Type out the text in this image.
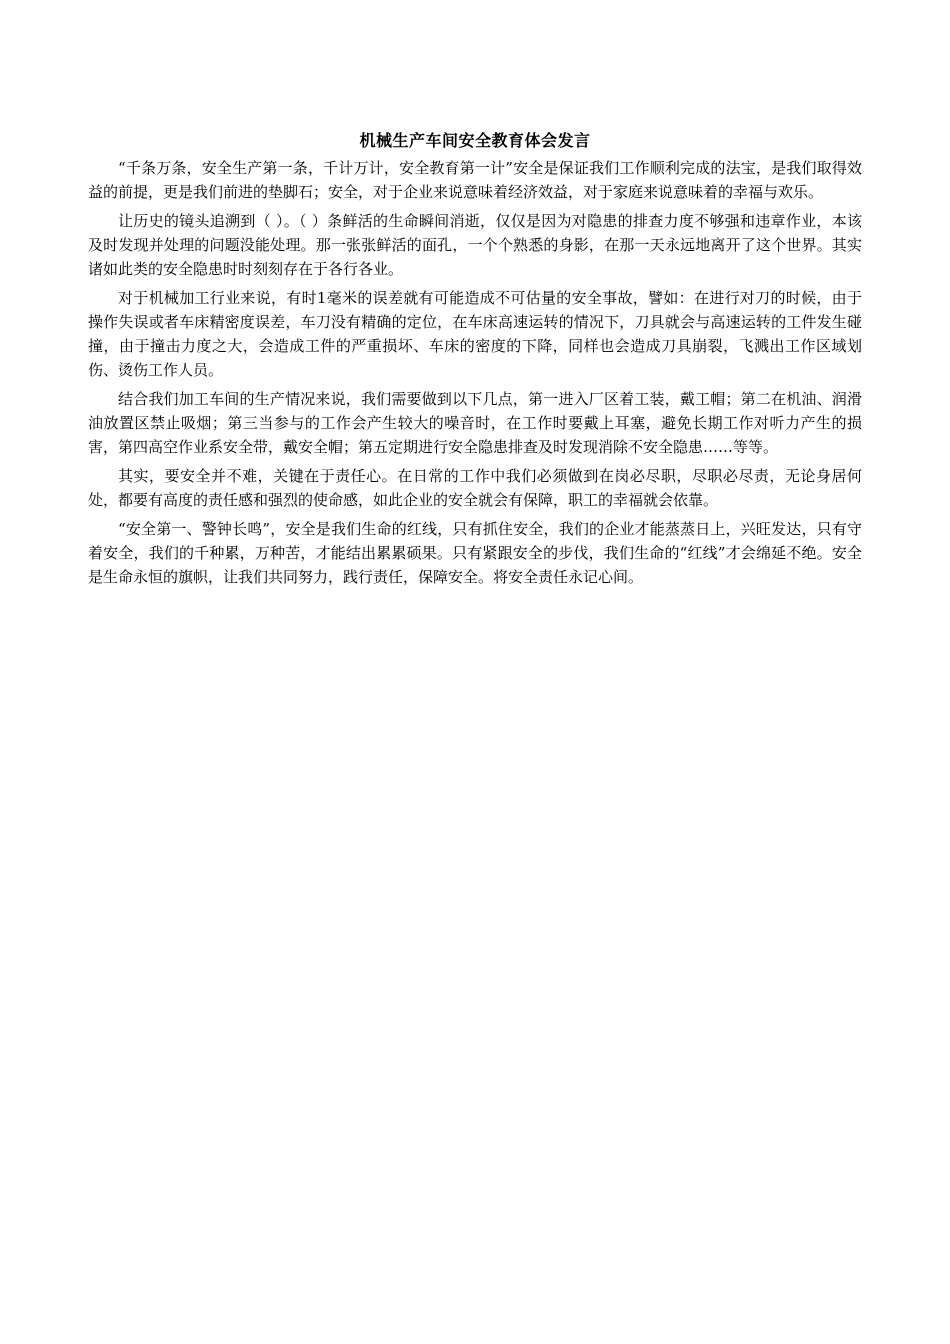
机械生产车间安全教育体会发言

“千条万条，安全生产第一条，千计万计，安全教育第一计”安全是保证我们工作顺利完成的法宝，是我们取得效益的前提，更是我们前进的垫脚石；安全，对于企业来说意味着经济效益，对于家庭来说意味着的幸福与欢乐。

让历史的镜头追溯到（ ）。（ ）条鲜活的生命瞬间消逝，仅仅是因为对隐患的排查力度不够强和违章作业，本该及时发现并处理的问题没能处理。那一张张鲜活的面孔，一个个熟悉的身影，在那一天永远地离开了这个世界。其实诸如此类的安全隐患时时刻刻存在于各行各业。

对于机械加工行业来说，有时1毫米的误差就有可能造成不可估量的安全事故，譬如：在进行对刀的时候，由于操作失误或者车床精密度误差，车刀没有精确的定位，在车床高速运转的情况下，刀具就会与高速运转的工件发生碰撞，由于撞击力度之大，会造成工件的严重损坏、车床的密度的下降，同样也会造成刀具崩裂，飞溅出工作区域划伤、烫伤工作人员。

结合我们加工车间的生产情况来说，我们需要做到以下几点，第一进入厂区着工装，戴工帽；第二在机油、润滑油放置区禁止吸烟；第三当参与的工作会产生较大的噪音时，在工作时要戴上耳塞，避免长期工作对听力产生的损害，第四高空作业系安全带，戴安全帽；第五定期进行安全隐患排查及时发现消除不安全隐患……等等。

其实，要安全并不难，关键在于责任心。在日常的工作中我们必须做到在岗必尽职，尽职必尽责，无论身居何处，都要有高度的责任感和强烈的使命感，如此企业的安全就会有保障，职工的幸福就会依靠。

“安全第一、警钟长鸣”，安全是我们生命的红线，只有抓住安全，我们的企业才能蒸蒸日上，兴旺发达，只有守着安全，我们的千种累，万种苦，才能结出累累硕果。只有紧跟安全的步伐，我们生命的“红线”才会绵延不绝。安全是生命永恒的旗帜，让我们共同努力，践行责任，保障安全。将安全责任永记心间。
